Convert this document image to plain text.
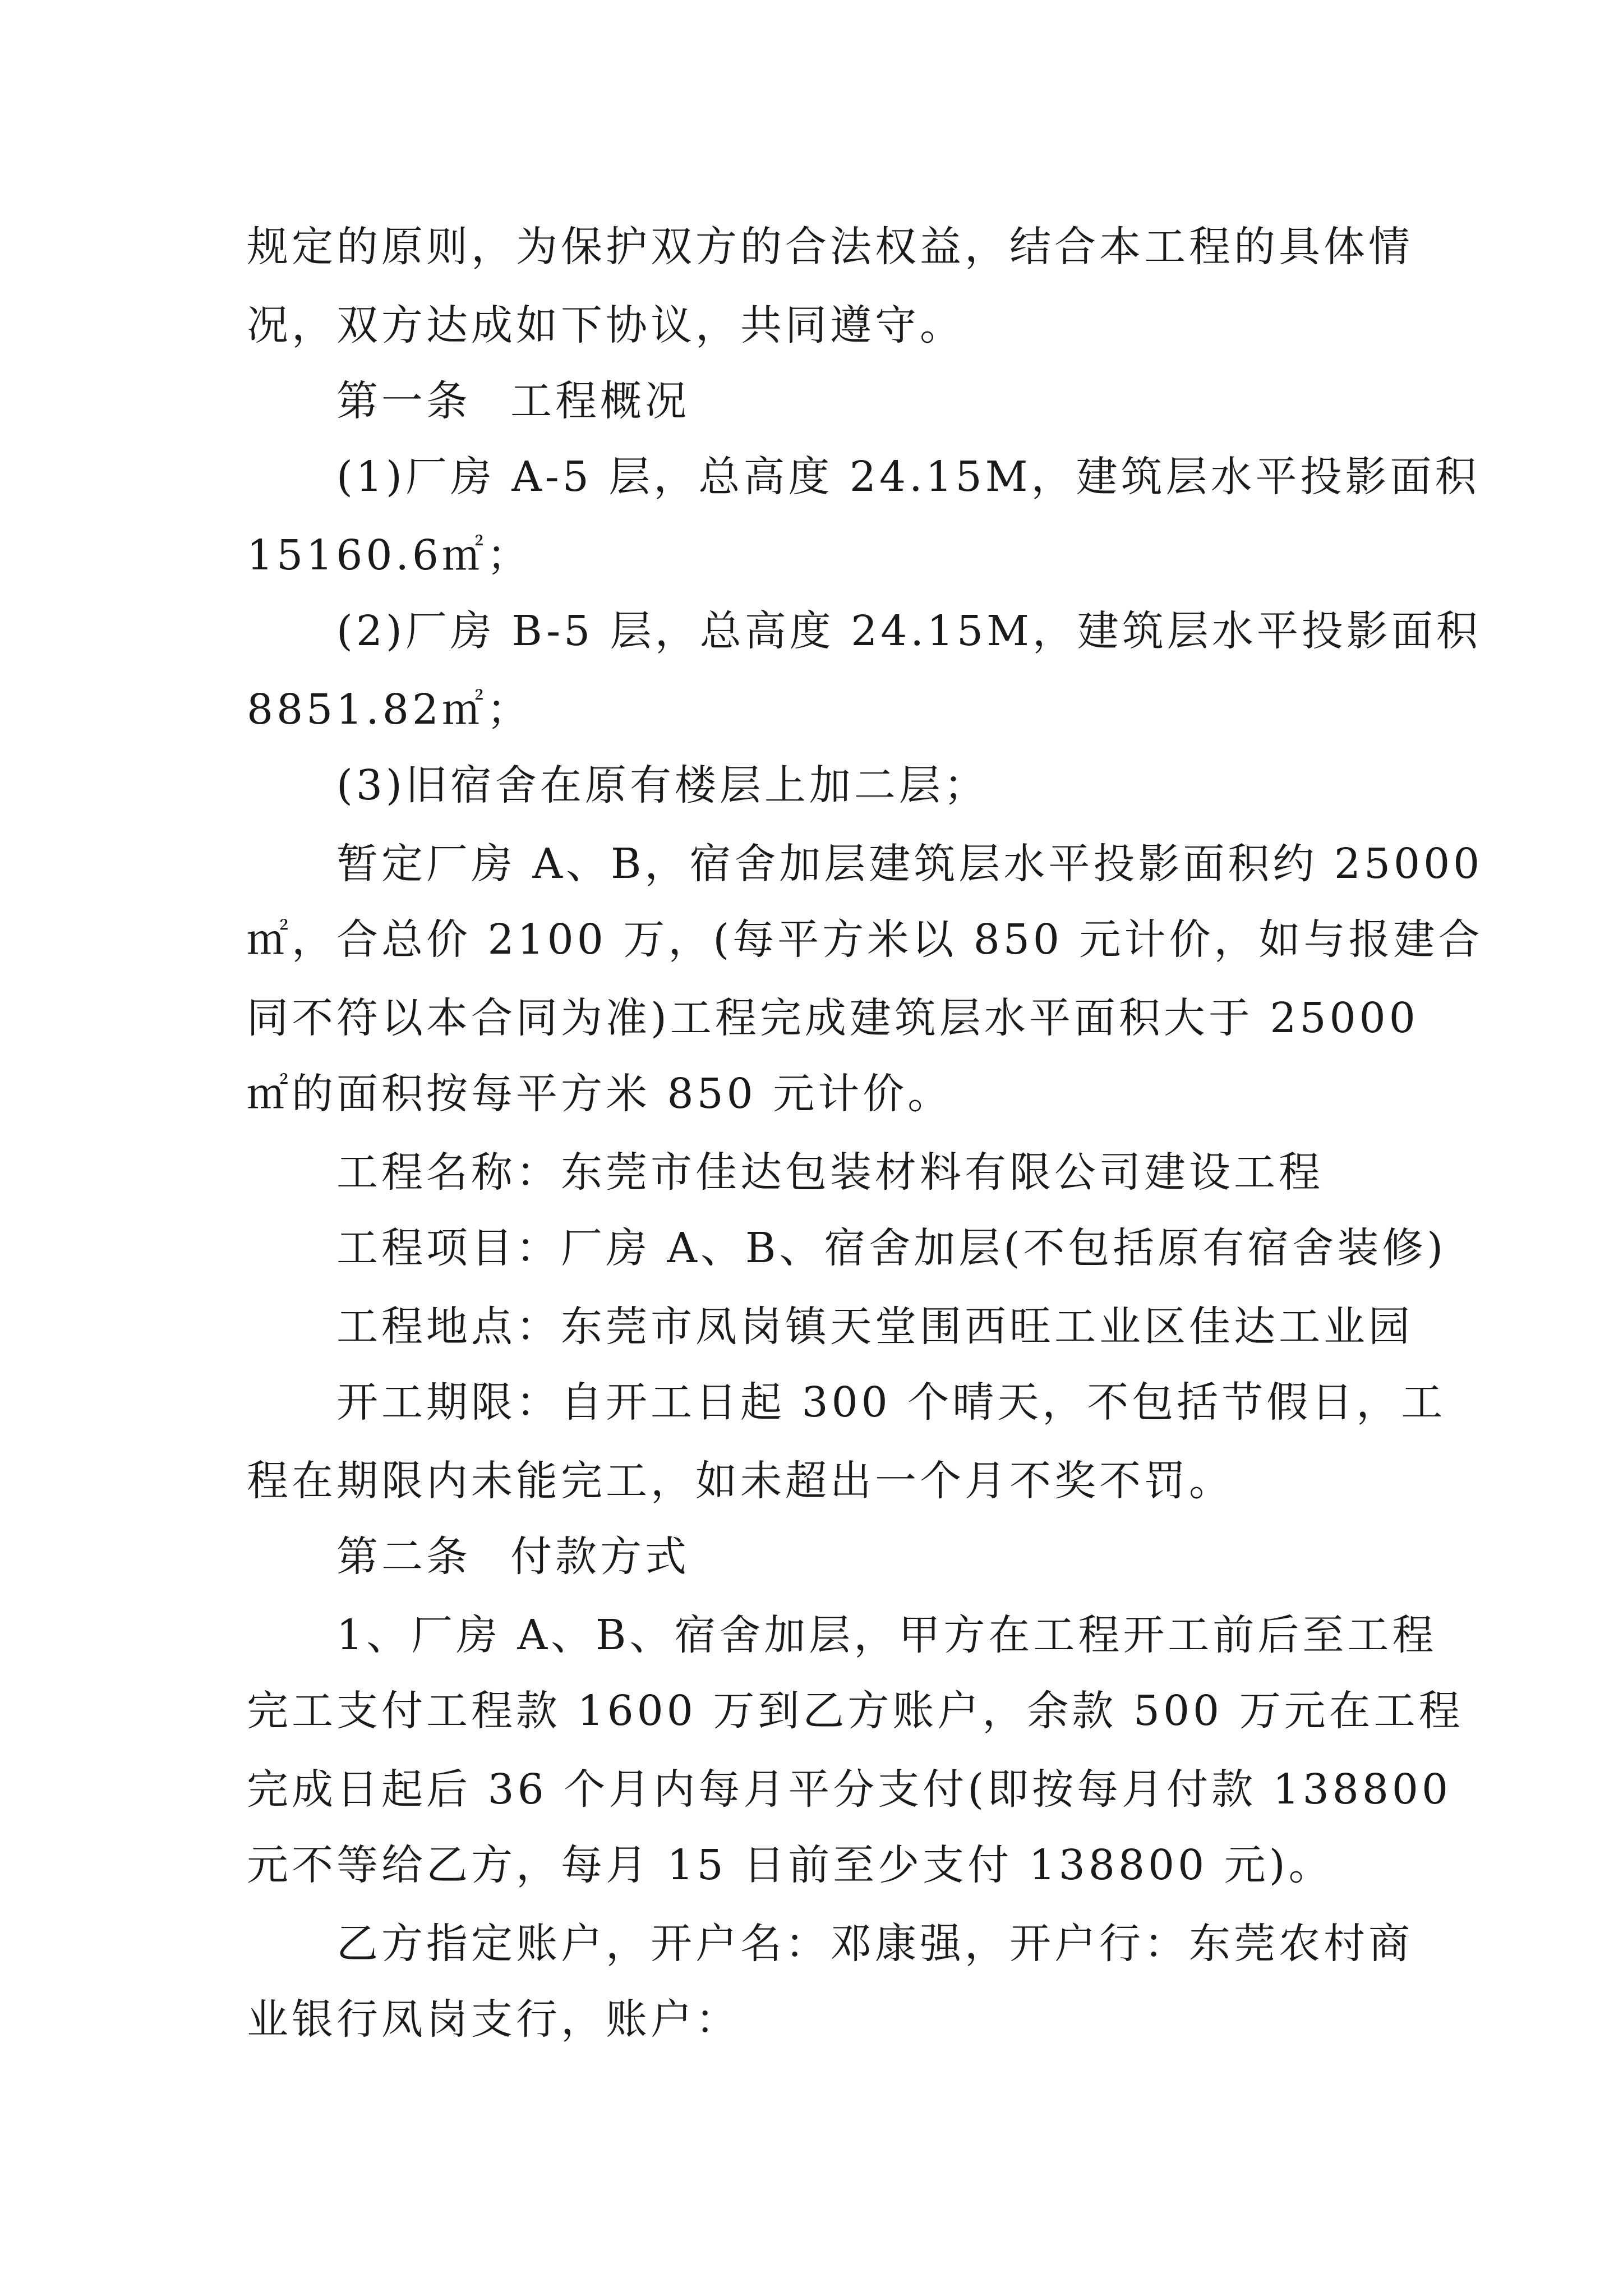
规定的原则，为保护双方的合法权益，结合本工程的具体情
况，双方达成如下协议，共同遵守。
第一条 工程概况
(1)厂房 A-5 层，总高度 24.15M，建筑层水平投影面积
15160.6㎡；
(2)厂房 B-5 层，总高度 24.15M，建筑层水平投影面积
8851.82㎡；
(3)旧宿舍在原有楼层上加二层；
暂定厂房 A、B，宿舍加层建筑层水平投影面积约 25000
㎡，合总价 2100 万，(每平方米以 850 元计价，如与报建合
同不符以本合同为准)工程完成建筑层水平面积大于 25000
㎡的面积按每平方米 850 元计价。
工程名称：东莞市佳达包装材料有限公司建设工程
工程项目：厂房 A、B、宿舍加层(不包括原有宿舍装修)
工程地点：东莞市凤岗镇天堂围西旺工业区佳达工业园
开工期限：自开工日起 300 个晴天，不包括节假日，工
程在期限内未能完工，如未超出一个月不奖不罚。
第二条 付款方式
1、厂房 A、B、宿舍加层，甲方在工程开工前后至工程
完工支付工程款 1600 万到乙方账户，余款 500 万元在工程
完成日起后 36 个月内每月平分支付(即按每月付款 138800
元不等给乙方，每月 15 日前至少支付 138800 元)。
乙方指定账户，开户名：邓康强，开户行：东莞农村商
业银行凤岗支行，账户：
